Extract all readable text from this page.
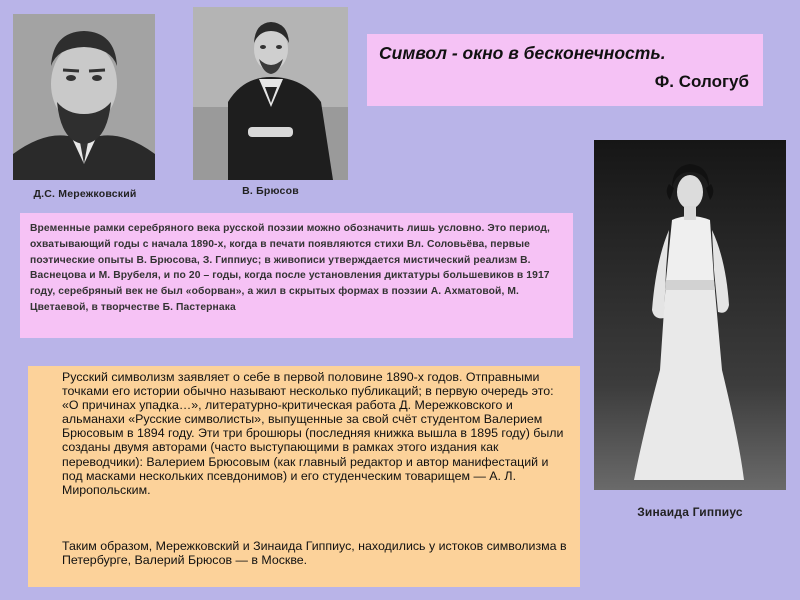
Д.С. Мережковский	В. Брюсов
Символ - окно в бесконечность.
Ф. Сологуб
Зинаида Гиппиус

Временные рамки серебряного века русской поэзии можно обозначить лишь условно. Это период, охватывающий годы с начала 1890-х, когда в печати появляются стихи Вл. Соловьёва, первые поэтические опыты В. Брюсова, З. Гиппиус; в живописи утверждается мистический реализм В. Васнецова и М. Врубеля, и по 20 – годы, когда после установления диктатуры большевиков в 1917 году, серебряный век не был «оборван», а жил в скрытых формах в поэзии А. Ахматовой, М. Цветаевой, в творчестве Б. Пастернака

Русский символизм заявляет о себе в первой половине 1890-х годов. Отправными точками его истории обычно называют несколько публикаций; в первую очередь это: «О причинах упадка…», литературно-критическая работа Д. Мережковского и альманахи «Русские символисты», выпущенные за свой счёт студентом Валерием Брюсовым в 1894 году. Эти три брошюры (последняя книжка вышла в 1895 году) были созданы двумя авторами (часто выступающими в рамках этого издания как переводчики): Валерием Брюсовым (как главный редактор и автор манифестаций и под масками нескольких псевдонимов) и его студенческим товарищем — А. Л. Миропольским.

Таким образом, Мережковский и Зинаида Гиппиус, находились у истоков символизма в Петербурге, Валерий Брюсов — в Москве.
